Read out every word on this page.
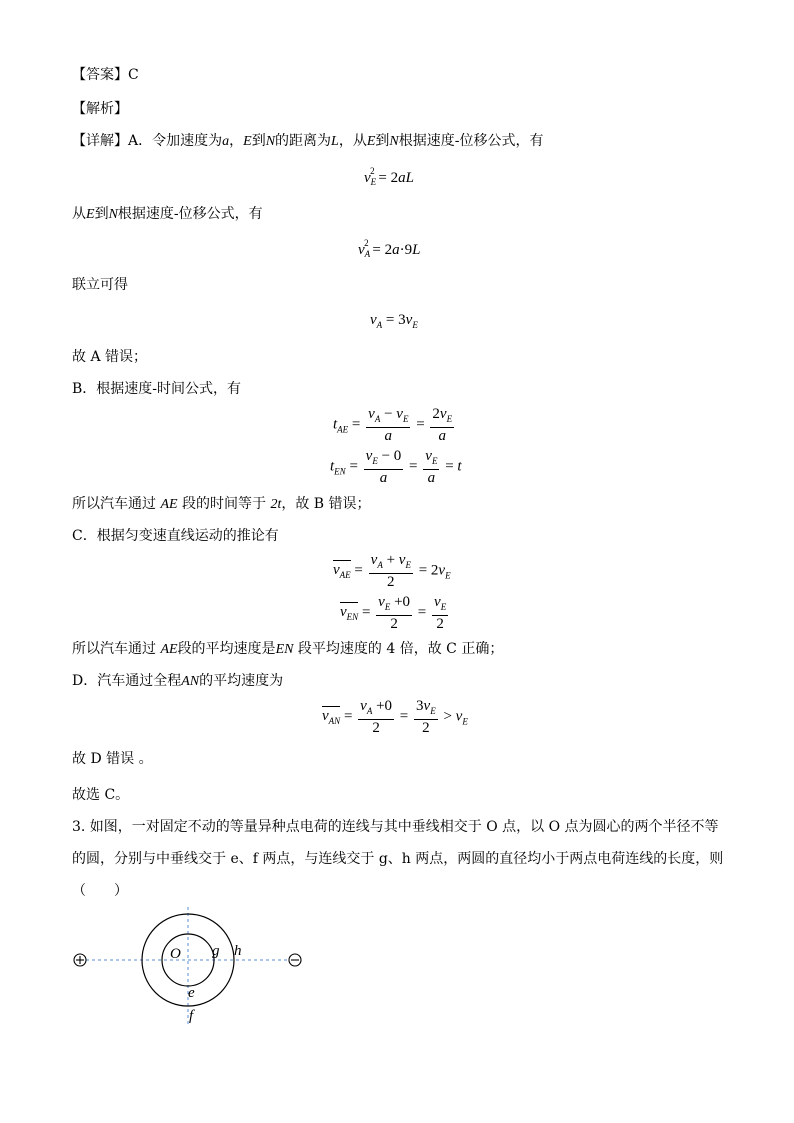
【答案】C
【解析】
【详解】A．令加速度为a，E到N的距离为L，从E到N根据速度-位移公式，有
$v_E^2 = 2aL$
从E到N根据速度-位移公式，有
$v_A^2 = 2a\cdot 9L$
联立可得
$v_A = 3v_E$
故 A 错误；
B．根据速度-时间公式，有
$t_{AE} = \frac{v_A - v_E}{a} = \frac{2v_E}{a}$
$t_{EN} = \frac{v_E - 0}{a} = \frac{v_E}{a} = t$
所以汽车通过 AE 段的时间等于 2t，故 B 错误；
C．根据匀变速直线运动的推论有
$v_{AE} = \frac{v_A + v_E}{2} = 2v_E$
$v_{EN} = \frac{v_E +0}{2} = \frac{v_E}{2}$
所以汽车通过 AE段的平均速度是EN 段平均速度的 4 倍，故 C 正确；
D．汽车通过全程AN的平均速度为
$v_{AN} = \frac{v_A +0}{2} = \frac{3v_E}{2} > v_E$
故 D 错误 。
故选 C。
3. 如图，一对固定不动的等量异种点电荷的连线与其中垂线相交于 O 点，以 O 点为圆心的两个半径不等
的圆，分别与中垂线交于 e、f 两点，与连线交于 g、h 两点，两圆的直径均小于两点电荷连线的长度，则
（　　）
O g h
e
f
